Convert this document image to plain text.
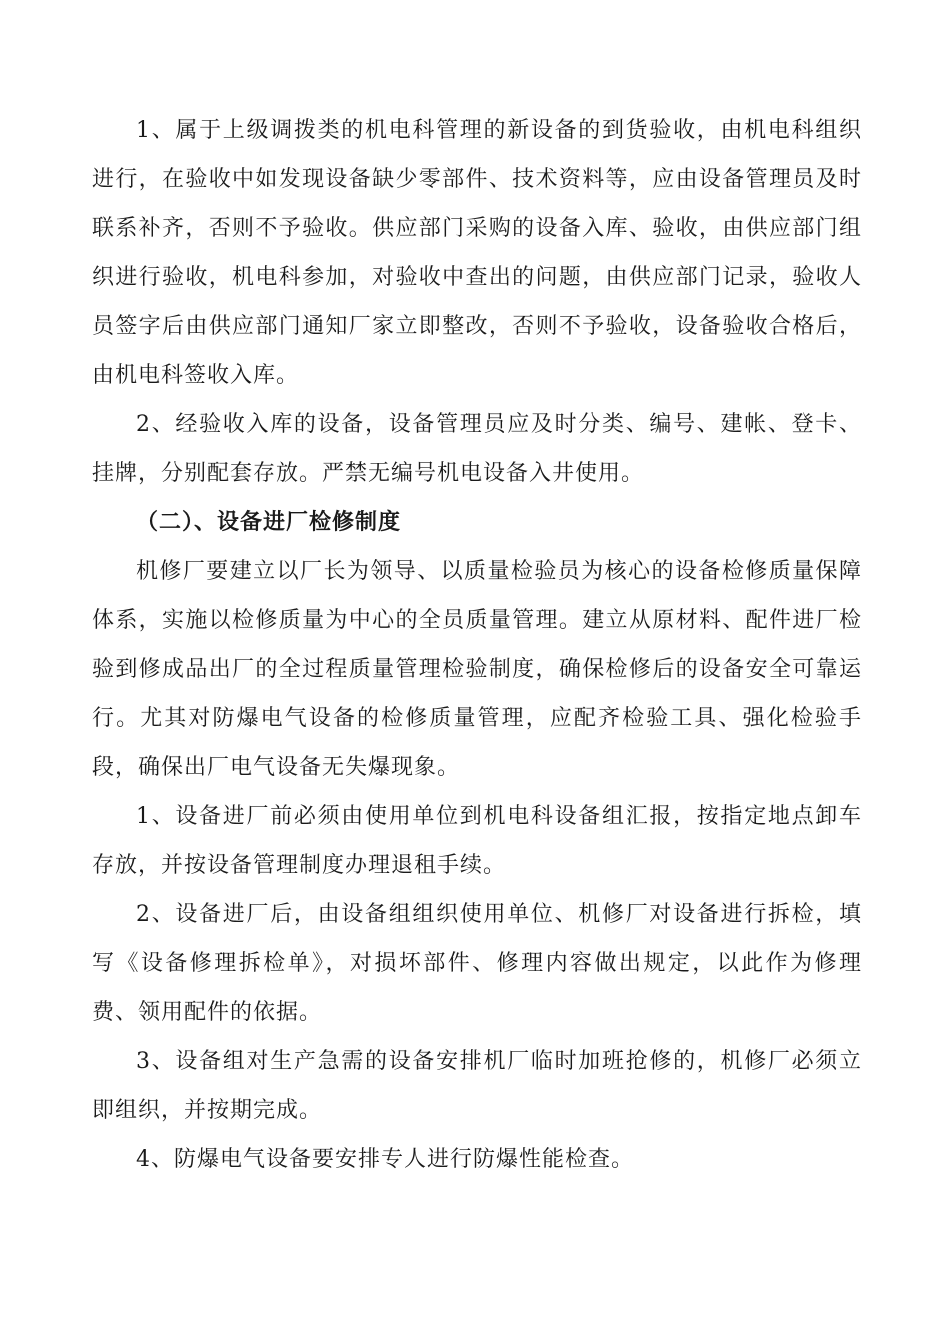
1、属于上级调拨类的机电科管理的新设备的到货验收，由机电科组织进行，在验收中如发现设备缺少零部件、技术资料等，应由设备管理员及时联系补齐，否则不予验收。供应部门采购的设备入库、验收，由供应部门组织进行验收，机电科参加，对验收中查出的问题，由供应部门记录，验收人员签字后由供应部门通知厂家立即整改，否则不予验收，设备验收合格后，由机电科签收入库。

2、经验收入库的设备，设备管理员应及时分类、编号、建帐、登卡、挂牌，分别配套存放。严禁无编号机电设备入井使用。

（二）、设备进厂检修制度

机修厂要建立以厂长为领导、以质量检验员为核心的设备检修质量保障体系，实施以检修质量为中心的全员质量管理。建立从原材料、配件进厂检验到修成品出厂的全过程质量管理检验制度，确保检修后的设备安全可靠运行。尤其对防爆电气设备的检修质量管理，应配齐检验工具、强化检验手段，确保出厂电气设备无失爆现象。

1、设备进厂前必须由使用单位到机电科设备组汇报，按指定地点卸车存放，并按设备管理制度办理退租手续。

2、设备进厂后，由设备组组织使用单位、机修厂对设备进行拆检，填写《设备修理拆检单》，对损坏部件、修理内容做出规定，以此作为修理费、领用配件的依据。

3、设备组对生产急需的设备安排机厂临时加班抢修的，机修厂必须立即组织，并按期完成。

4、防爆电气设备要安排专人进行防爆性能检查。
